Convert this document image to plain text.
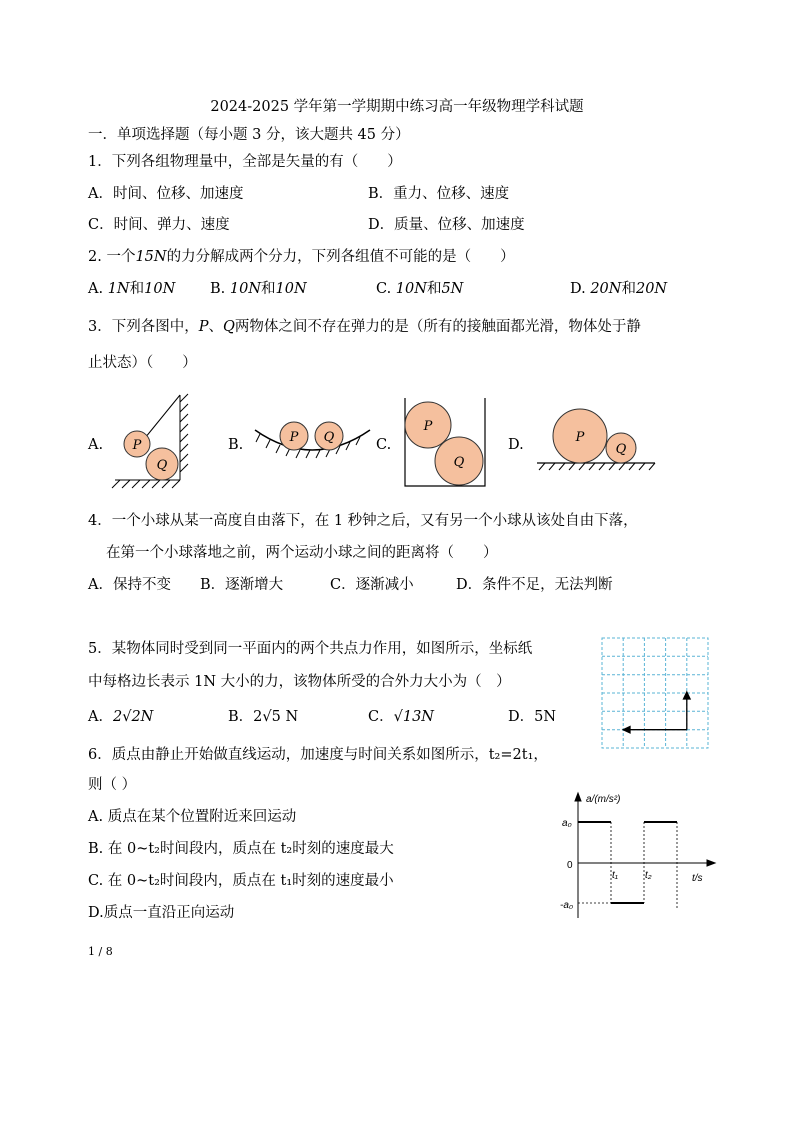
2024-2025 学年第一学期期中练习高一年级物理学科试题
一．单项选择题（每小题 3 分，该大题共 45 分）
1．下列各组物理量中，全部是矢量的有（　　）
A．时间、位移、加速度	B．重力、位移、速度
C．时间、弹力、速度	D．质量、位移、加速度
2. 一个15N的力分解成两个分力，下列各组值不可能的是（　　）
A. 1N和10N B. 10N和10N	C. 10N和5N	D. 20N和20N
3．下列各图中，P、Q两物体之间不存在弹力的是（所有的接触面都光滑，物体处于静
止状态）（　　）
A.	B.	C.	D.
P
Q
P Q
P
Q
P
Q
4．一个小球从某一高度自由落下，在 1 秒钟之后，又有另一个小球从该处自由下落，
在第一个小球落地之前，两个运动小球之间的距离将（　　）
A．保持不变 B．逐渐增大	C．逐渐减小	D．条件不足，无法判断
5．某物体同时受到同一平面内的两个共点力作用，如图所示，坐标纸
中每格边长表示 1N 大小的力，该物体所受的合外力大小为（　）
A．2√2N	B．2√5 N	C．√13N	D．5N
6．质点由静止开始做直线运动，加速度与时间关系如图所示，t₂=2t₁，
则（ ）
A. 质点在某个位置附近来回运动
B. 在 0~t₂时间段内，质点在 t₂时刻的速度最大
C. 在 0~t₂时间段内，质点在 t₁时刻的速度最小
D.质点一直沿正向运动
a/(m/s²)
a₀
0
-a₀
t₁	t₂	t/s
1 / 8
